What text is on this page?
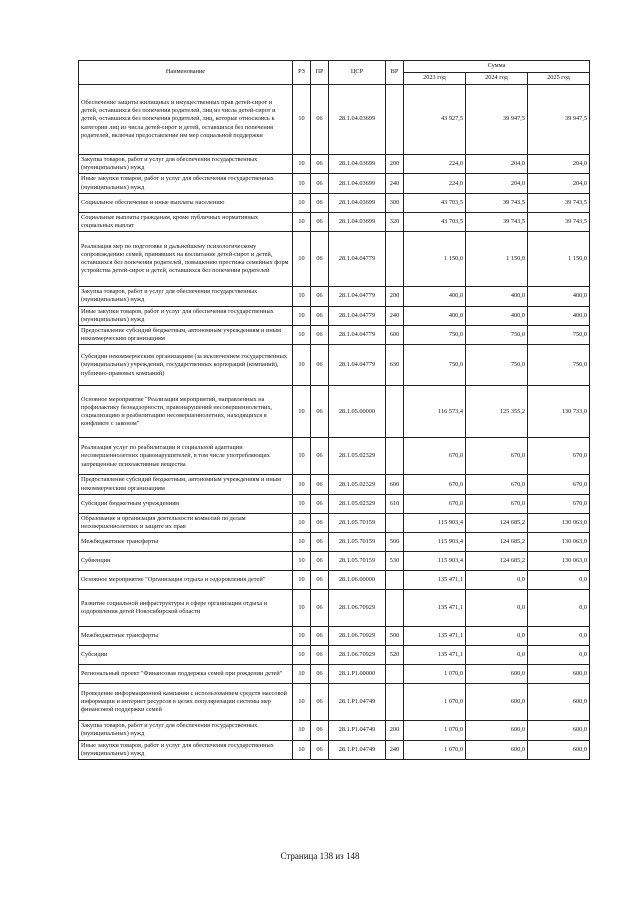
Наименование	РЗ	ПР	ЦСР	ВР	Сумма		
					2023 год	2024 год	2025 год
Обеспечение защиты жилищных и имущественных прав детей-сирот и детей, оставшихся без попечения родителей, лиц из числа детей-сирот и детей, оставшихся без попечения родителей, лиц, которые относились к категории лиц из числа детей-сирот и детей, оставшихся без попечения родителей, включая предоставление им мер социальной поддержки	10	06	28.1.04.03699		43 927,5	39 947,5	39 947,5
Закупка товаров, работ и услуг для обеспечения государственных (муниципальных) нужд	10	06	28.1.04.03699	200	224,0	204,0	204,0
Иные закупки товаров, работ и услуг для обеспечения государственных (муниципальных) нужд	10	06	28.1.04.03699	240	224,0	204,0	204,0
Социальное обеспечение и иные выплаты населению	10	06	28.1.04.03699	300	43 703,5	39 743,5	39 743,5
Социальные выплаты гражданам, кроме публичных нормативных социальных выплат	10	06	28.1.04.03699	320	43 703,5	39 743,5	39 743,5
Реализация мер по подготовке и дальнейшему психологическому сопровождению семей, принявших на воспитание детей-сирот и детей, оставшихся без попечения родителей, повышению престижа семейных форм устройства детей-сирот и детей, оставшихся без попечения родителей	10	06	28.1.04.04779		1 150,0	1 150,0	1 150,0
Закупка товаров, работ и услуг для обеспечения государственных (муниципальных) нужд	10	06	28.1.04.04779	200	400,0	400,0	400,0
Иные закупки товаров, работ и услуг для обеспечения государственных (муниципальных) нужд	10	06	28.1.04.04779	240	400,0	400,0	400,0
Предоставление субсидий бюджетным, автономным учреждениям и иным некоммерческим организациям	10	06	28.1.04.04779	600	750,0	750,0	750,0
Субсидии некоммерческим организациям (за исключением государственных (муниципальных) учреждений, государственных корпораций (компаний), публично-правовых компаний)	10	06	28.1.04.04779	630	750,0	750,0	750,0
Основное мероприятие "Реализация мероприятий, направленных на профилактику безнадзорности, правонарушений несовершеннолетних, социализацию и реабилитацию несовершеннолетних, находящихся в конфликте с законом"	10	06	28.1.05.00000		116 573,4	125 355,2	130 733,0
Реализация услуг по реабилитации и социальной адаптации несовершеннолетних правонарушителей, в том числе употребляющих запрещенные психоактивные вещества	10	06	28.1.05.02329		670,0	670,0	670,0
Предоставление субсидий бюджетным, автономным учреждениям и иным некоммерческим организациям	10	06	28.1.05.02329	600	670,0	670,0	670,0
Субсидии бюджетным учреждениям	10	06	28.1.05.02329	610	670,0	670,0	670,0
Образование и организация деятельности комиссий по делам несовершеннолетних и защите их прав	10	06	28.1.05.70159		115 903,4	124 685,2	130 063,0
Межбюджетные трансферты	10	06	28.1.05.70159	500	115 903,4	124 685,2	130 063,0
Субвенции	10	06	28.1.05.70159	530	115 903,4	124 685,2	130 063,0
Основное мероприятие "Организация отдыха и оздоровления детей"	10	06	28.1.06.00000		135 471,1	0,0	0,0
Развитие социальной инфраструктуры в сфере организации отдыха и оздоровления детей Новосибирской области	10	06	28.1.06.70929		135 471,1	0,0	0,0
Межбюджетные трансферты	10	06	28.1.06.70929	500	135 471,1	0,0	0,0
Субсидии	10	06	28.1.06.70929	520	135 471,1	0,0	0,0
Региональный проект "Финансовая поддержка семей при рождении детей"	10	06	28.1.P1.00000		1 070,0	600,0	600,0
Проведение информационной кампании с использованием средств массовой информации и интернет ресурсов в целях популяризации системы мер финансовой поддержки семей	10	06	28.1.P1.04749		1 070,0	600,0	600,0
Закупка товаров, работ и услуг для обеспечения государственных (муниципальных) нужд	10	06	28.1.P1.04749	200	1 070,0	600,0	600,0
Иные закупки товаров, работ и услуг для обеспечения государственных (муниципальных) нужд	10	06	28.1.P1.04749	240	1 070,0	600,0	600,0
Страница 138 из 148
